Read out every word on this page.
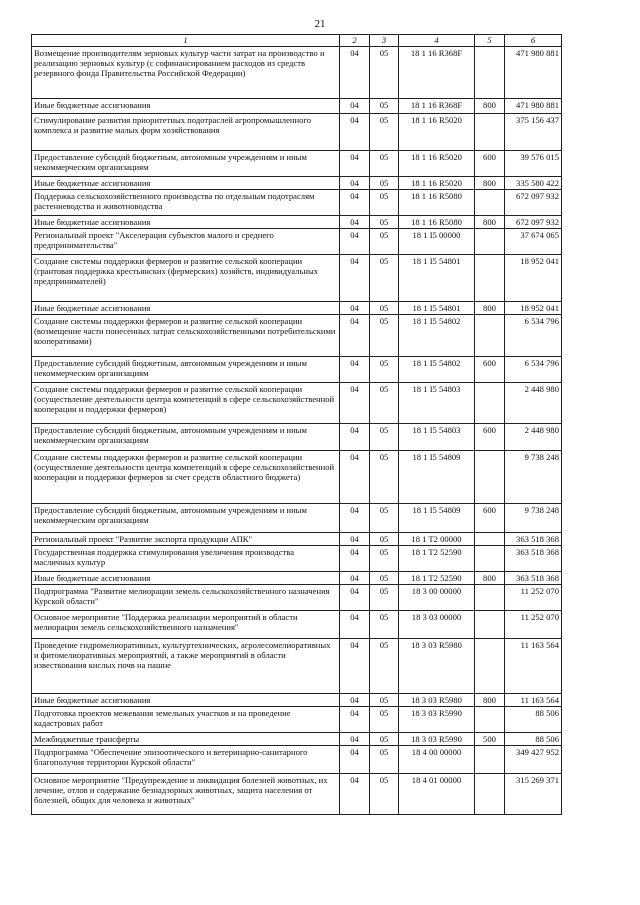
21
1	2	3	4	5	6
Возмещение производителям зерновых культур части затрат на производство и реализацию зерновых культур (с софинансированием расходов из средств резервного фонда Правительства Российской Федерации)	04	05	18 1 16 R368F		471 980 881
Иные бюджетные ассигнования	04	05	18 1 16 R368F	800	471 980 881
Стимулирование развития приоритетных подотраслей агропромышленного комплекса и развитие малых форм хозяйствования	04	05	18 1 16 R5020		375 156 437
Предоставление субсидий бюджетным, автономным учреждениям и иным некоммерческим организациям	04	05	18 1 16 R5020	600	39 576 015
Иные бюджетные ассигнования	04	05	18 1 16 R5020	800	335 580 422
Поддержка сельскохозяйственного производства по отдельным подотраслям растениеводства и животноводства	04	05	18 1 16 R5080		672 097 932
Иные бюджетные ассигнования	04	05	18 1 16 R5080	800	672 097 932
Региональный проект "Акселерация субъектов малого и среднего предпринимательства"	04	05	18 1 I5 00000		37 674 065
Создание системы поддержки фермеров и развитие сельской кооперации (грантовая поддержка крестьянских (фермерских) хозяйств, индивидуальных предпринимателей)	04	05	18 1 I5 54801		18 952 041
Иные бюджетные ассигнования	04	05	18 1 I5 54801	800	18 952 041
Создание системы поддержки фермеров и развитие сельской кооперации (возмещение части понесенных затрат сельскохозяйственными потребительскими кооперативами)	04	05	18 1 I5 54802		6 534 796
Предоставление субсидий бюджетным, автономным учреждениям и иным некоммерческим организациям	04	05	18 1 I5 54802	600	6 534 796
Создание системы поддержки фермеров и развитие сельской кооперации (осуществление деятельности центра компетенций в сфере сельскохозяйственной кооперации и поддержки фермеров)	04	05	18 1 I5 54803		2 448 980
Предоставление субсидий бюджетным, автономным учреждениям и иным некоммерческим организациям	04	05	18 1 I5 54803	600	2 448 980
Создание системы поддержки фермеров и развитие сельской кооперации (осуществление деятельности центра компетенций в сфере сельскохозяйственной кооперации и поддержки фермеров за счет средств областного бюджета)	04	05	18 1 I5 54809		9 738 248
Предоставление субсидий бюджетным, автономным учреждениям и иным некоммерческим организациям	04	05	18 1 I5 54809	600	9 738 248
Региональный проект "Развитие экспорта продукции АПК"	04	05	18 1 T2 00000		363 518 368
Государственная поддержка стимулирования увеличения производства масличных культур	04	05	18 1 T2 52590		363 518 368
Иные бюджетные ассигнования	04	05	18 1 T2 52590	800	363 518 368
Подпрограмма "Развитие мелиорации земель сельскохозяйственного назначения Курской области"	04	05	18 3 00 00000		11 252 070
Основное мероприятие "Поддержка реализации мероприятий в области мелиорации земель сельскохозяйственного назначения"	04	05	18 3 03 00000		11 252 070
Проведение гидромелиоративных, культуртехнических, агролесомелиоративных и фитомелиоративных мероприятий, а также мероприятий в области известкования кислых почв на пашне	04	05	18 3 03 R5980		11 163 564
Иные бюджетные ассигнования	04	05	18 3 03 R5980	800	11 163 564
Подготовка проектов межевания земельных участков и на проведение кадастровых работ	04	05	18 3 03 R5990		88 506
Межбюджетные трансферты	04	05	18 3 03 R5990	500	88 506
Подпрограмма "Обеспечение эпизоотического и ветеринарно-санитарного благополучия территории Курской области"	04	05	18 4 00 00000		349 427 952
Основное мероприятие "Предупреждение и ликвидация болезней животных, их лечение, отлов и содержание безнадзорных животных, защита населения от болезней, общих для человека и животных"	04	05	18 4 01 00000		315 269 371
